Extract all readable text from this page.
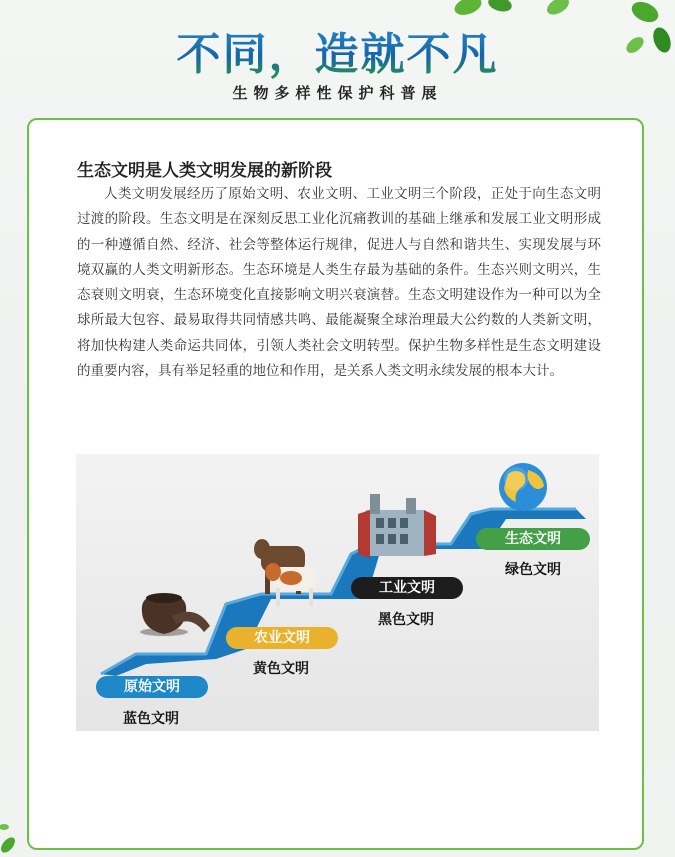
不同，造就不凡
生物多样性保护科普展
生态文明是人类文明发展的新阶段
人类文明发展经历了原始文明、农业文明、工业文明三个阶段，正处于向生态文明过渡的阶段。生态文明是在深刻反思工业化沉痛教训的基础上继承和发展工业文明形成的一种遵循自然、经济、社会等整体运行规律，促进人与自然和谐共生、实现发展与环境双赢的人类文明新形态。生态环境是人类生存最为基础的条件。生态兴则文明兴，生态衰则文明衰，生态环境变化直接影响文明兴衰演替。生态文明建设作为一种可以为全球所最大包容、最易取得共同情感共鸣、最能凝聚全球治理最大公约数的人类新文明，将加快构建人类命运共同体，引领人类社会文明转型。保护生物多样性是生态文明建设的重要内容，具有举足轻重的地位和作用，是关系人类文明永续发展的根本大计。
原始文明
蓝色文明
农业文明
黄色文明
工业文明
黑色文明
生态文明
绿色文明
